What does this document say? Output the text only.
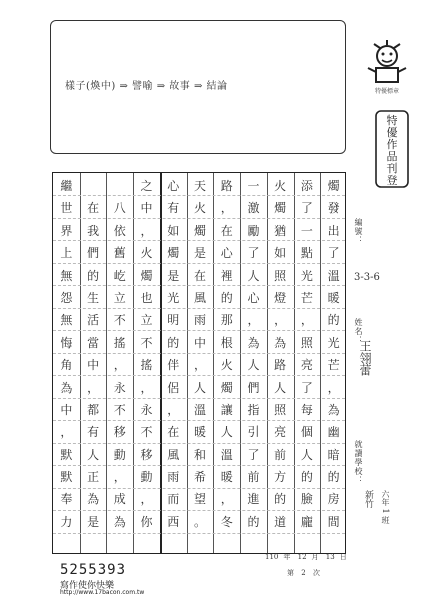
樣子(煥中) ⇒ 譬喻 ⇒ 故事 ⇒ 結論	特優標章
特
優
作
品
刊
登
燭
發
出
了
溫
暖
的
光
芒
，
為
幽
暗
的
房
間
添
了
一
點
光
芒
，
照
亮
了
每
個
人
的
臉
龐
火
燭
猶
如
照
燈
，
為
路
人
照
亮
前
方
的
道
一
激
勵
了
人
心
，
為
人
們
指
引
了
前
進
的
路
，
在
心
裡
的
那
根
火
燭
讓
人
溫
暖
，
冬
天
火
燭
是
在
風
雨
中
，
人
溫
暖
和
希
望
。
心
有
如
燭
是
光
明
的
伴
侶
，
在
風
雨
而
西
之
中
，
火
燭
也
立
不
搖
，
永
不
移
動
，
你
八
依
舊
屹
立
不
搖
，
永
不
移
動
，
成
為
在
我
們
的
生
活
當
中
，
都
有
人
正
為
是
繼
世
界
上
無
怨
無
悔
角
為
中
，
默
默
奉
力
編號：
3-3-6
姓名：
王翎蕾
就讀學校：
新竹 六年 1 班
110 年 12 月 13 日
第 2 次
5255393
寫作使你快樂
http://www.17bacon.com.tw
